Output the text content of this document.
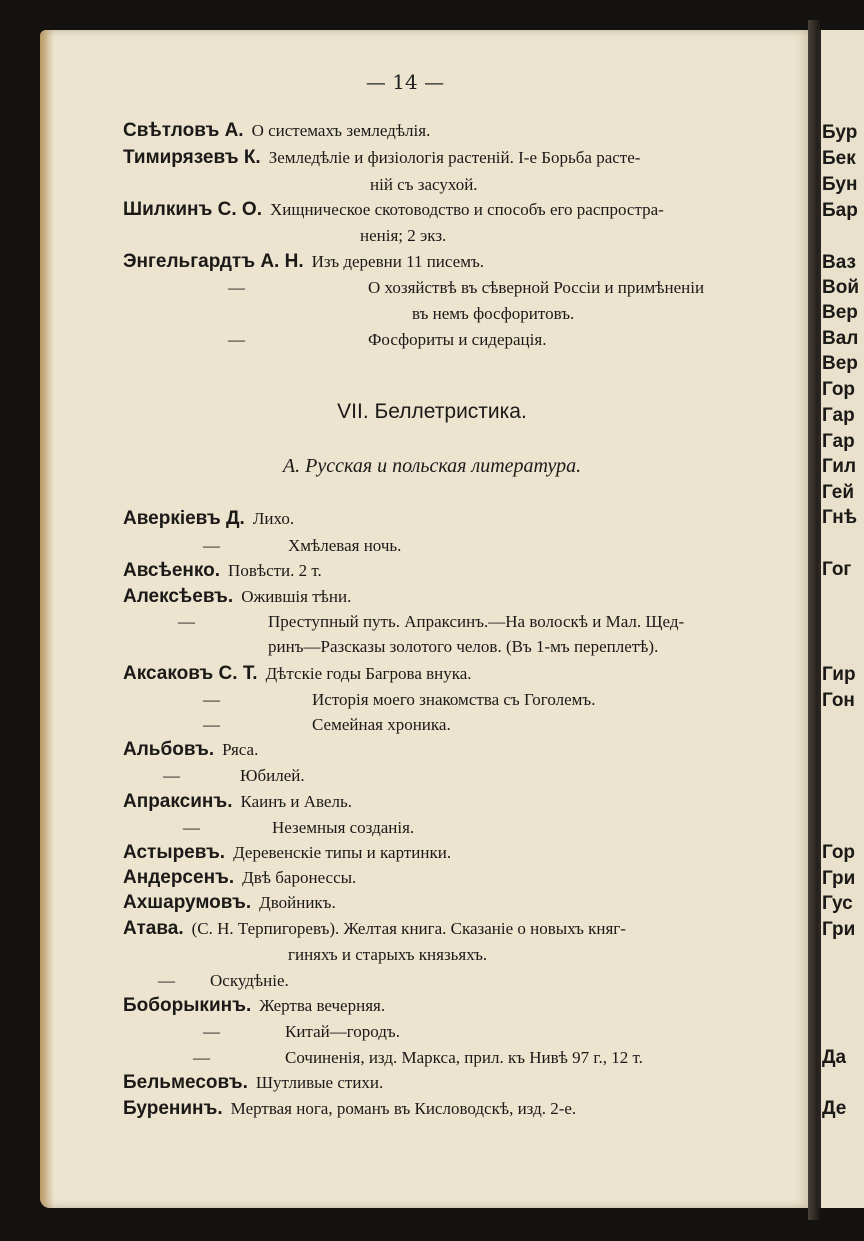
— 14 —
Свѣтловъ А. О системахъ земледѣлія.
Тимирязевъ К. Земледѣліе и физіологія растеній. I-е Борьба расте-
ній съ засухой.
Шилкинъ С. О. Хищническое скотоводство и способъ его распростра-
ненія; 2 экз.
Энгельгардтъ А. Н. Изъ деревни 11 писемъ.
—	О хозяйствѣ въ сѣверной Россіи и примѣненіи
въ немъ фосфоритовъ.
—	Фосфориты и сидерація.
VII. Беллетристика.
А. Русская и польская литература.
Аверкіевъ Д. Лихо.
—	Хмѣлевая ночь.
Авсѣенко. Повѣсти. 2 т.
Алексѣевъ. Ожившія тѣни.
—	Преступный путь. Апраксинъ.—На волоскѣ и Мал. Щед-
ринъ—Разсказы золотого челов. (Въ 1-мъ переплетѣ).
Аксаковъ С. Т. Дѣтскіе годы Багрова внука.
—	Исторія моего знакомства съ Гоголемъ.
—	Семейная хроника.
Альбовъ. Ряса.
—	Юбилей.
Апраксинъ. Каинъ и Авель.
—	Неземныя созданія.
Астыревъ. Деревенскіе типы и картинки.
Андерсенъ. Двѣ баронессы.
Ахшарумовъ. Двойникъ.
Атава. (С. Н. Терпигоревъ). Желтая книга. Сказаніе о новыхъ княг-
гиняхъ и старыхъ князьяхъ.
— Оскудѣніе.
Боборыкинъ. Жертва вечерняя.
—	Китай—городъ.
—	Сочиненія, изд. Маркса, прил. къ Нивѣ 97 г., 12 т.
Бельмесовъ. Шутливые стихи.
Буренинъ. Мертвая нога, романъ въ Кисловодскѣ, изд. 2-е.
Бур
Бек
Бун
Бар
Ваз
Вой
Вер
Вал
Вер
Гор
Гар
Гар
Гил
Гей
Гнѣ
Гог
Гир
Гон
Гор
Гри
Гус
Гри
Да
Де
